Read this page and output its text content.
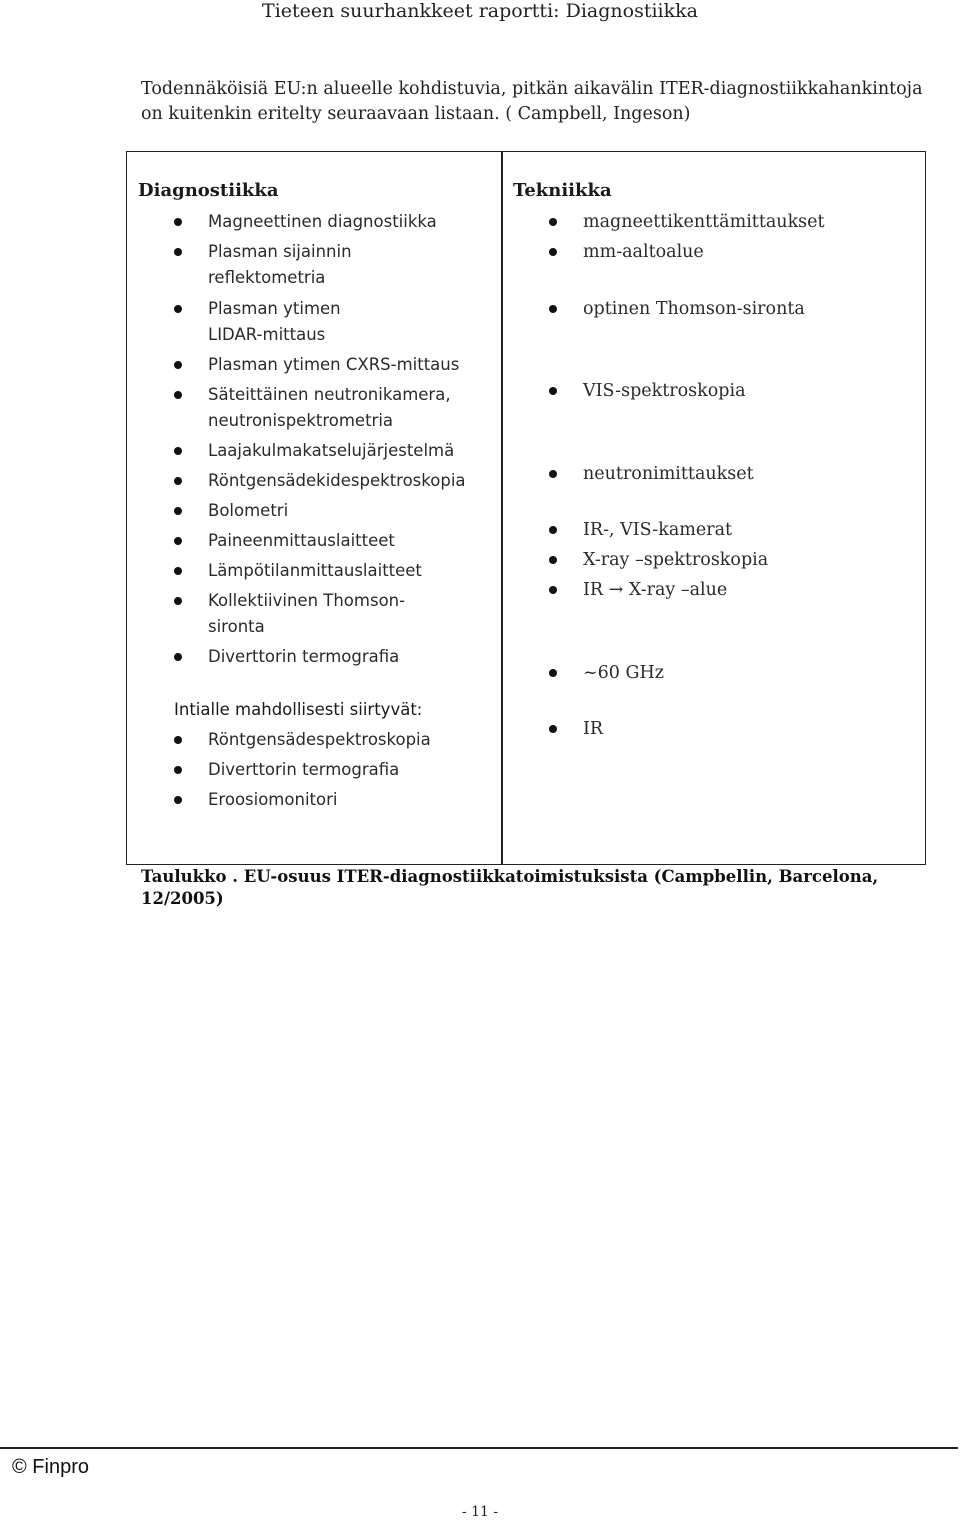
Tieteen suurhankkeet raportti: Diagnostiikka

Todennäköisiä EU:n alueelle kohdistuvia, pitkän aikavälin ITER-diagnostiikkahankintoja

on kuitenkin eritelty seuraavaan listaan. ( Campbell, Ingeson)

Diagnostiikka
Magneettinen diagnostiikka
Plasman sijainnin reflektometria
Plasman ytimen LIDAR-mittaus
Plasman ytimen CXRS-mittaus
Säteittäinen neutronikamera, neutronispektrometria
Laajakulmakatselujärjestelmä
Röntgensädekidespektroskopia
Bolometri
Paineenmittauslaitteet
Lämpötilanmittauslaitteet
Kollektiivinen Thomson-sironta
Diverttorin termografia
Intialle mahdollisesti siirtyvät:
Röntgensädespektroskopia
Diverttorin termografia
Eroosiomonitori
Tekniikka
magneettikenttämittaukset
mm-aaltoalue
optinen Thomson-sironta
VIS-spektroskopia
neutronimittaukset
IR-, VIS-kamerat
X-ray –spektroskopia
IR → X-ray –alue
~60 GHz
IR
Taulukko . EU-osuus ITER-diagnostiikkatoimistuksista (Campbellin, Barcelona, 12/2005)
© Finpro
- 11 -
